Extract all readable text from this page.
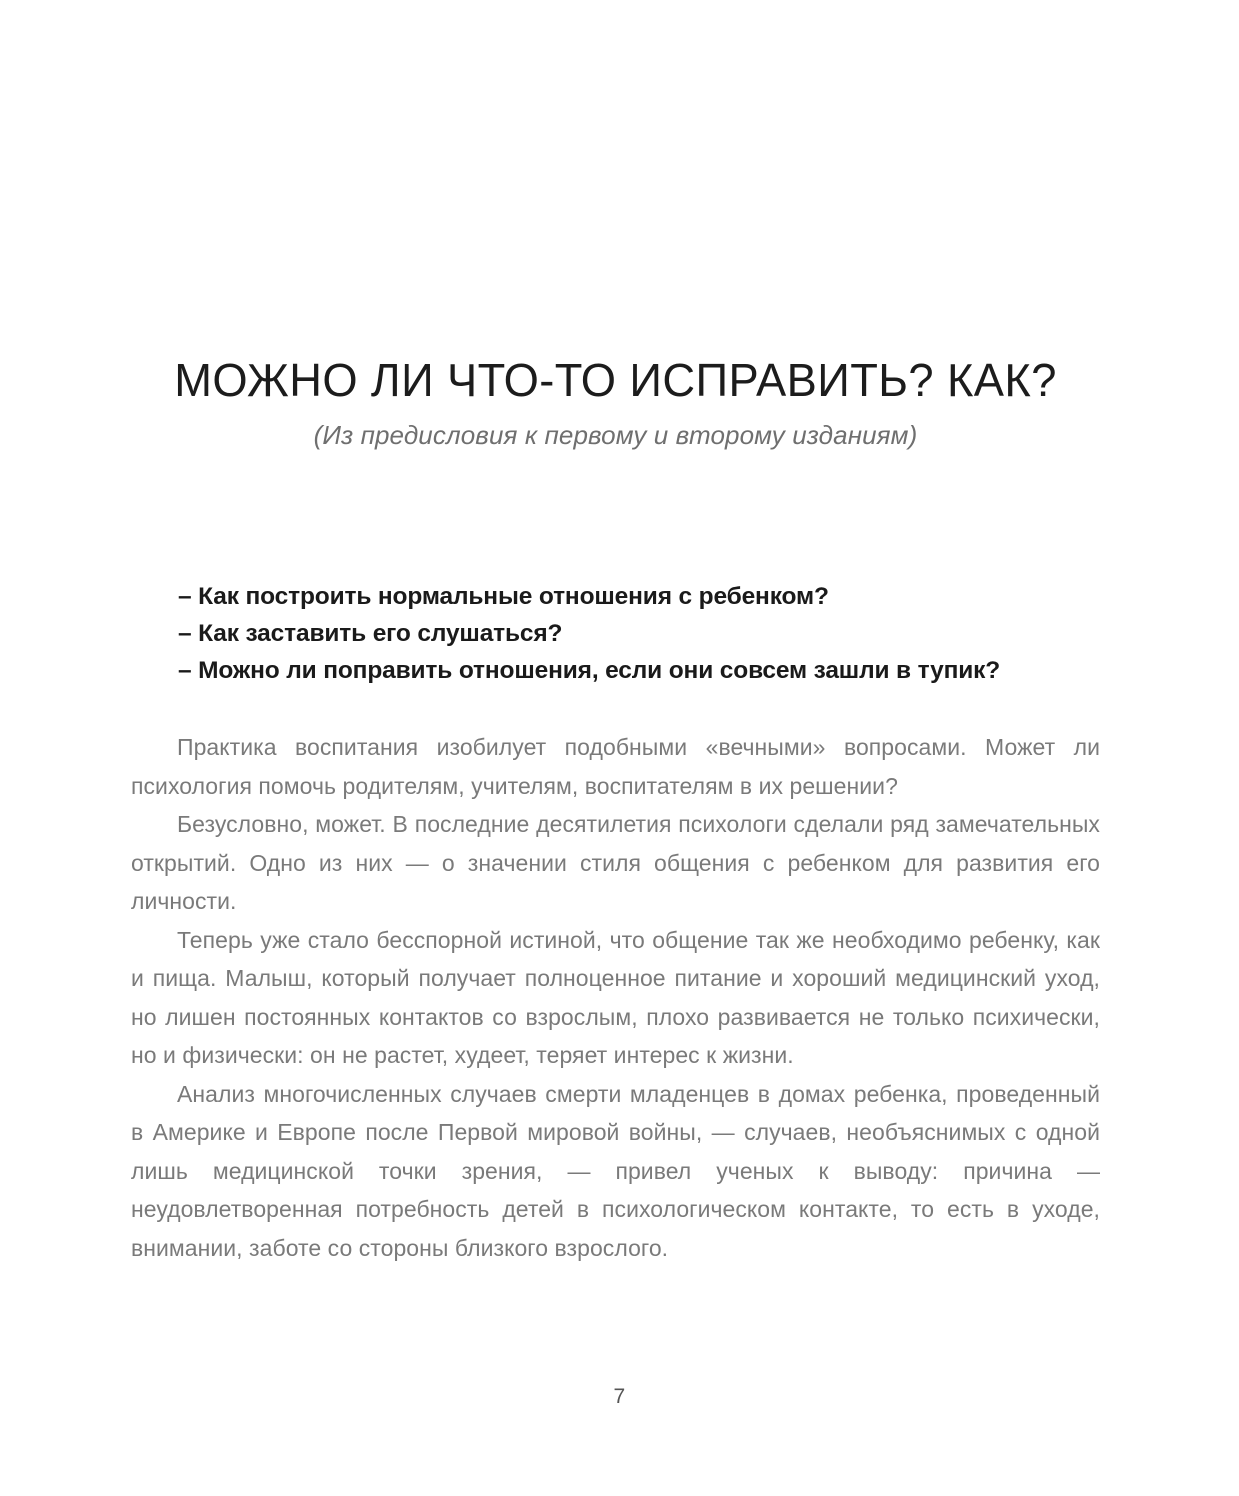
МОЖНО ЛИ ЧТО-ТО ИСПРАВИТЬ? КАК?

(Из предисловия к первому и второму изданиям)

– Как построить нормальные отношения с ребенком?
– Как заставить его слушаться?
– Можно ли поправить отношения, если они совсем зашли в тупик?

Практика воспитания изобилует подобными «вечными» вопросами. Может ли психология помочь родителям, учителям, воспитателям в их решении?

Безусловно, может. В последние десятилетия психологи сделали ряд замечательных открытий. Одно из них — о значении стиля общения с ребенком для развития его личности.

Теперь уже стало бесспорной истиной, что общение так же необходимо ребенку, как и пища. Малыш, который получает полноценное питание и хороший медицинский уход, но лишен постоянных контактов со взрослым, плохо развивается не только психически, но и физически: он не растет, худеет, теряет интерес к жизни.

Анализ многочисленных случаев смерти младенцев в домах ребенка, проведенный в Америке и Европе после Первой мировой войны, — случаев, необъяснимых с одной лишь медицинской точки зрения, — привел ученых к выводу: причина — неудовлетворенная потребность детей в психологическом контакте, то есть в уходе, внимании, заботе со стороны близкого взрослого.

7
